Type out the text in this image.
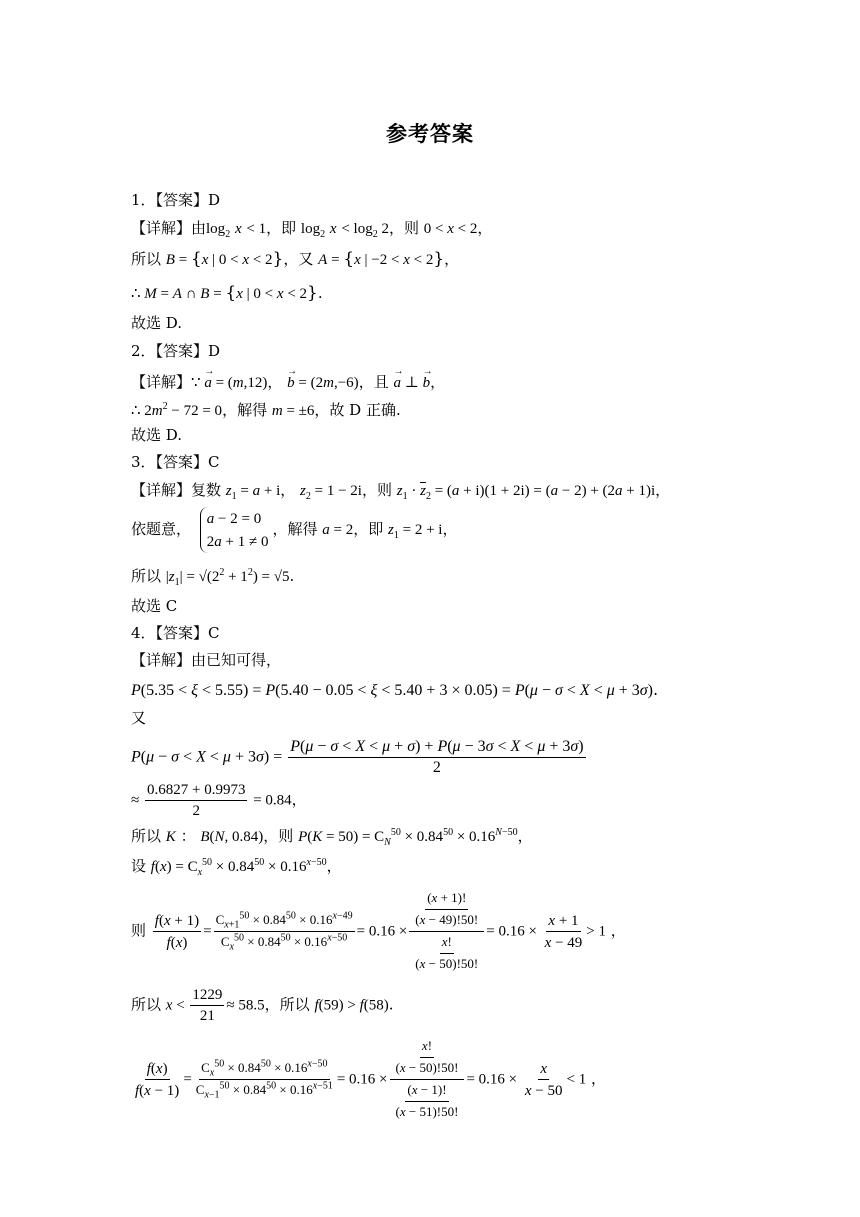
参考答案
1．【答案】D
【详解】由$\log_2 x < 1$，即 $\log_2 x < \log_2 2$，则 0 < x < 2，
所以 B = {x | 0 < x < 2}，又 A = {x | −2 < x < 2}，
∴ M = A ∩ B = {x | 0 < x < 2}.
故选 D.
2．【答案】D
【详解】∵ → a = (m,12)， → b = (2m,−6)，且 → a ⊥ → b，
∴ $2m^2 - 72 = 0$，解得 m = ±6，故 D 正确.
故选 D.
3．【答案】C
【详解】复数 $z_1 = a + i$， $z_2 = 1 - 2i$，则 $z_1 \cdot \overline{z}_2 = (a + i)(1 + 2i) = (a - 2) + (2a + 1)i$，
依题意，
a − 2 = 0
2a + 1 ≠ 0
，解得 a = 2，即 $z_1 = 2 + i$，
所以 $|z_1| = √(2^2 + 1^2) = √5$.
故选 C
4．【答案】C
【详解】由已知可得，
P(5.35 < ξ < 5.55) = P(5.40 − 0.05 < ξ < 5.40 + 3 × 0.05) = P(μ − σ < X < μ + 3σ).
又
$P(\mu - \sigma < X < \mu + 3\sigma) = \frac{P(\mu - \sigma < X < \mu + \sigma) + P(\mu - 3\sigma < X < \mu + 3\sigma)}{2}$
≈ $\frac{0.6827 + 0.9973}{2} = 0.84$，
所以 K ： B(N, 0.84)，则 $P(K = 50) = C_N^{50} \times 0.84^{50} \times 0.16^{N-50}$，
设 $f(x) = C_x^{50} \times 0.84^{50} \times 0.16^{x-50}$，
则 $\frac{f(x + 1)}{f(x)} = \frac{C_{x+1}^{50} \times 0.84^{50} \times 0.16^{x-49}}{C_x^{50} \times 0.84^{50} \times 0.16^{x-50}} = 0.16 \times \frac{\frac{(x + 1)!}{(x - 49)!50!}}{\frac{x!}{(x - 50)!50!}} = 0.16 \times \frac{x + 1}{x - 49} > 1$ ，
所以 $x < \frac{1229}{21} \approx 58.5$，所以 f(59) > f(58).
$\frac{f(x)}{f(x - 1)} = \frac{C_x^{50} \times 0.84^{50} \times 0.16^{x-50}}{C_{x-1}^{50} \times 0.84^{50} \times 0.16^{x-51}} = 0.16 \times \frac{\frac{x!}{(x - 50)!50!}}{\frac{(x - 1)!}{(x - 51)!50!}} = 0.16 \times \frac{x}{x - 50} < 1$ ，
